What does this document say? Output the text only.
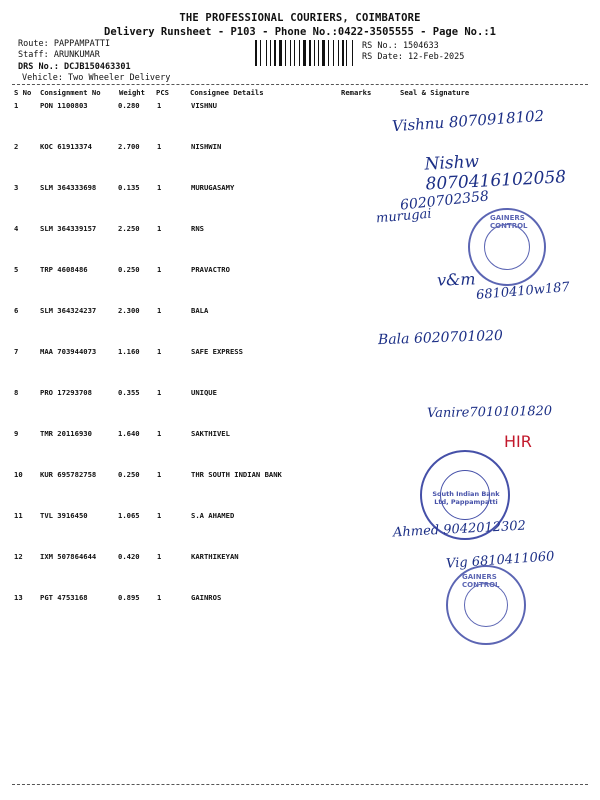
THE PROFESSIONAL COURIERS, COIMBATORE
Delivery Runsheet - P103 - Phone No.:0422-3505555 - Page No.:1
Route: PAPPAMPATTI
Staff: ARUNKUMAR
DRS No.: DCJB150463301
Vehicle: Two Wheeler Delivery
RS No.: 1504633
RS Date: 12-Feb-2025
S No Consignment No	Weight PCS	Consignee Details	Remarks	Seal & Signature
1	PON 1100803	0.280 1	VISHNU
2	KOC 61913374	2.700 1	NISHWIN
3	SLM 364333698	0.135 1	MURUGASAMY
4	SLM 364339157	2.250 1	RNS
5	TRP 4608486	0.250 1	PRAVACTRO
6	SLM 364324237	2.300 1	BALA
7	MAA 703944073	1.160 1	SAFE EXPRESS
8	PRO 17293708	0.355 1	UNIQUE
9	TMR 20116930	1.640 1	SAKTHIVEL
10 KUR 695782758	0.250 1	THR SOUTH INDIAN BANK
11 TVL 3916450	1.065 1	S.A AHAMED
12 IXM 507864644	0.420 1	KARTHIKEYAN
13 PGT 4753168	0.895 1	GAINROS
Vishnu 8070918102
Nishw 8070416102058
6020702358
murugai
v&m
6810410w187
Bala 6020701020
Vanire7010101820
HIR
Ahmed 9042012302
Vig 6810411060
GAINERS CONTROL
South Indian Bank Ltd, Pappampatti
GAINERS CONTROL
